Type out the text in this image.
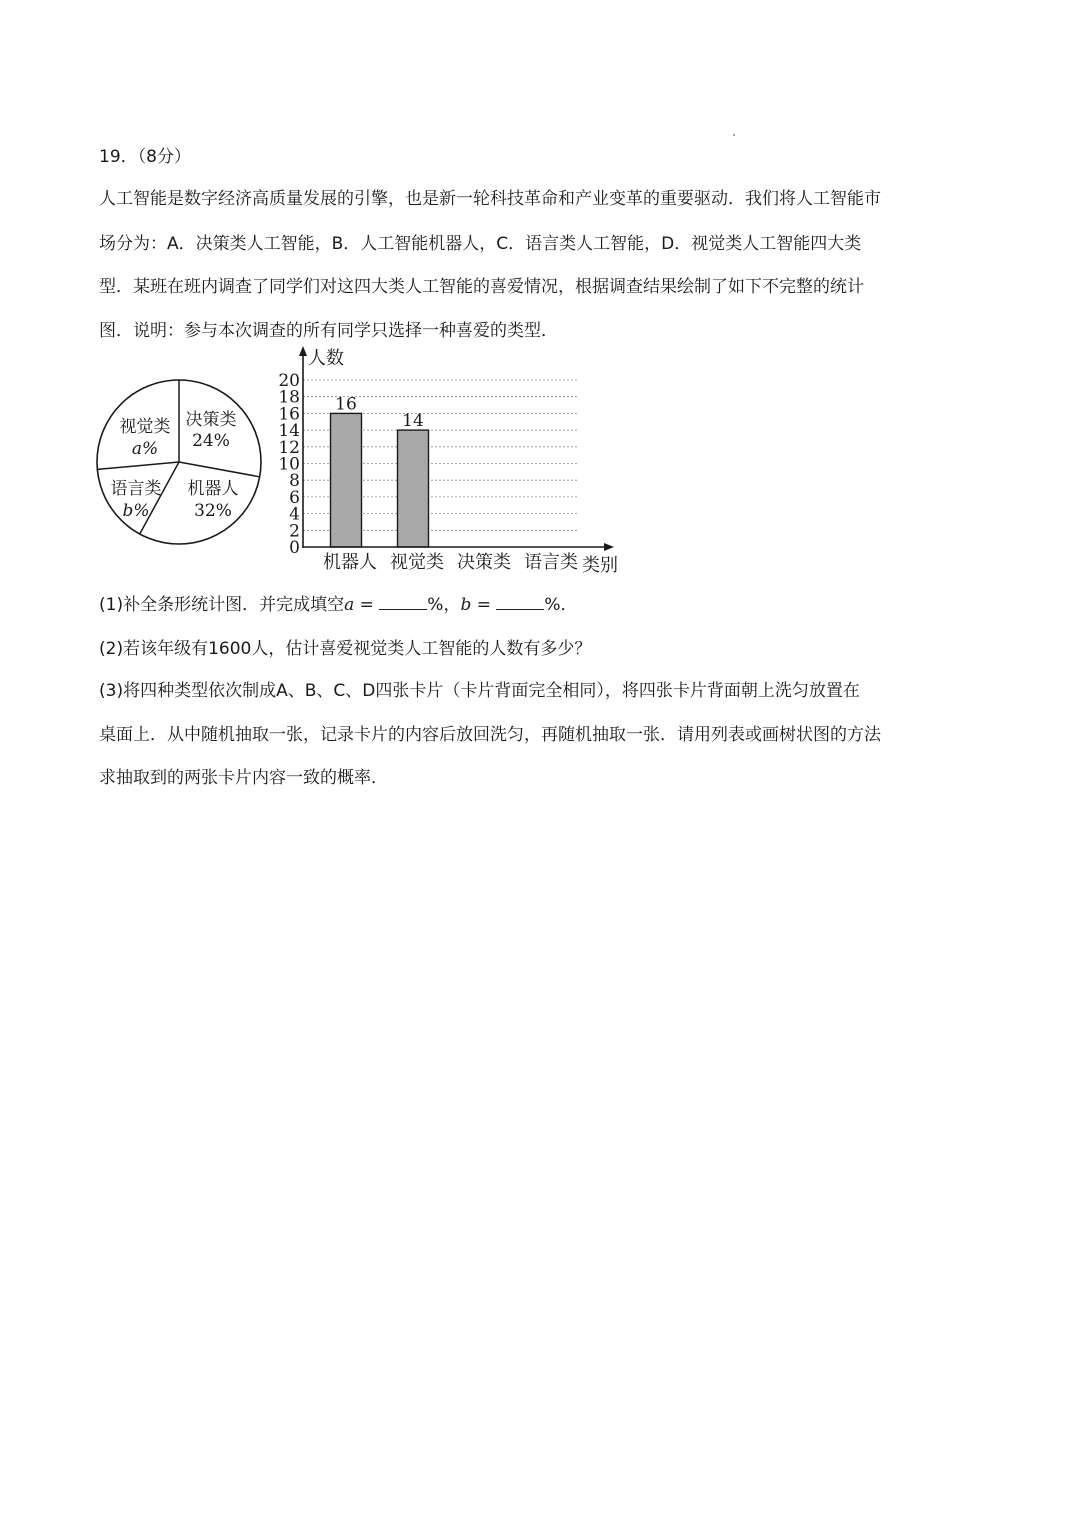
19．（8分）
人工智能是数字经济高质量发展的引擎，也是新一轮科技革命和产业变革的重要驱动．我们将人工智能市
场分为：A．决策类人工智能，B．人工智能机器人，C．语言类人工智能，D．视觉类人工智能四大类
型．某班在班内调查了同学们对这四大类人工智能的喜爱情况，根据调查结果绘制了如下不完整的统计
图．说明：参与本次调查的所有同学只选择一种喜爱的类型．
视觉类
a%
决策类
24%
语言类
b%
机器人
32%
0
2
4
6
8
10
12
14
16
18
20
16
14
机器人 视觉类 决策类 语言类
人数
类别
(1)补全条形统计图．并完成填空a =	%，b =	%．
(2)若该年级有1600人，估计喜爱视觉类人工智能的人数有多少？
(3)将四种类型依次制成A、B、C、D四张卡片（卡片背面完全相同），将四张卡片背面朝上洗匀放置在
桌面上．从中随机抽取一张，记录卡片的内容后放回洗匀，再随机抽取一张．请用列表或画树状图的方法
求抽取到的两张卡片内容一致的概率．
